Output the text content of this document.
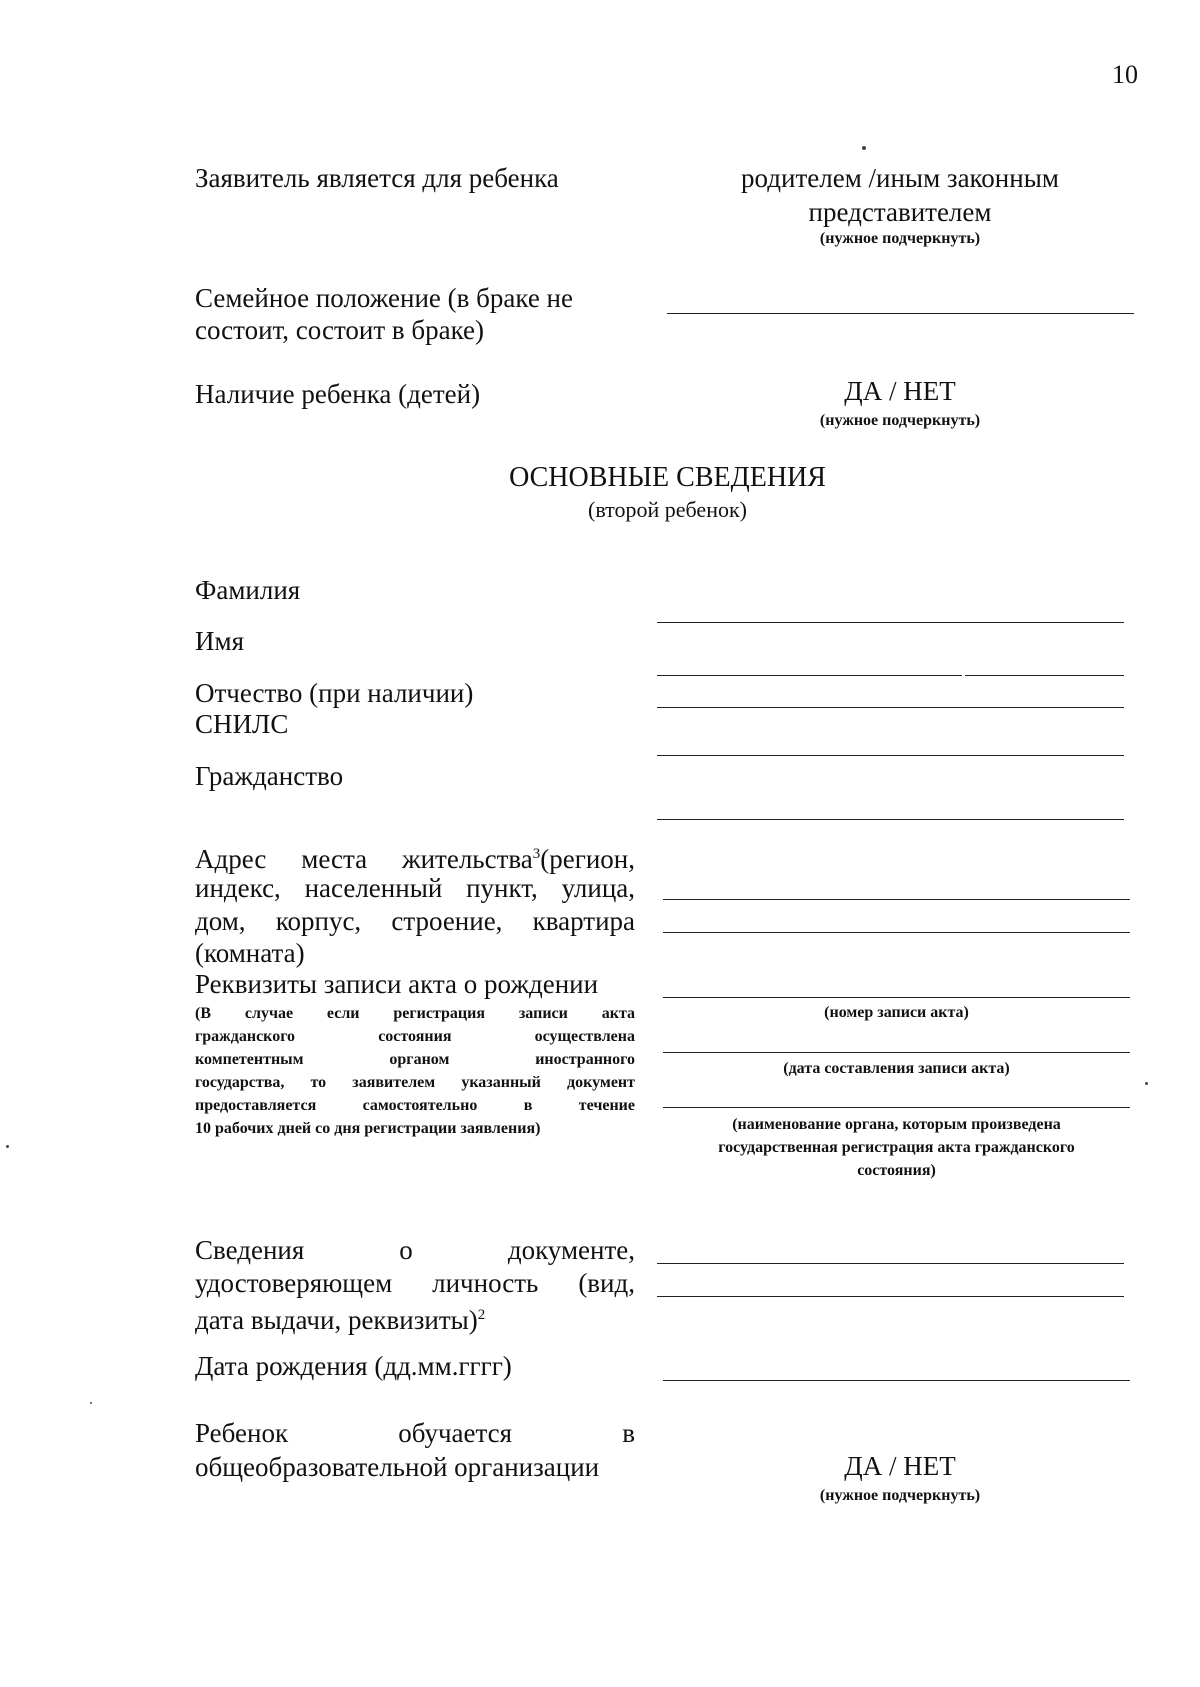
10
Заявитель является для ребенка	родителем /иным законным
представителем
(нужное подчеркнуть)
Семейное положение (в браке не
состоит, состоит в браке)
Наличие ребенка (детей)	ДА / НЕТ
(нужное подчеркнуть)
ОСНОВНЫЕ СВЕДЕНИЯ
(второй ребенок)
Фамилия
Имя
Отчество (при наличии)
СНИЛС
Гражданство
Адрес места жительства$^3$(регион,
индекс, населенный пункт, улица,
дом, корпус, строение, квартира
(комната)
Реквизиты записи акта о рождении
(В случае если регистрация записи акта
гражданского состояния осуществлена
компетентным органом иностранного
государства, то заявителем указанный документ
предоставляется самостоятельно в течение
10 рабочих дней со дня регистрации заявления)
(номер записи акта)
(дата составления записи акта)
(наименование органа, которым произведена
государственная регистрация акта гражданского
состояния)
Сведения о документе,
удостоверяющем личность (вид,
дата выдачи, реквизиты)$^2$
Дата рождения (дд.мм.гггг)
Ребенок обучается в
общеобразовательной организации	ДА / НЕТ
(нужное подчеркнуть)
